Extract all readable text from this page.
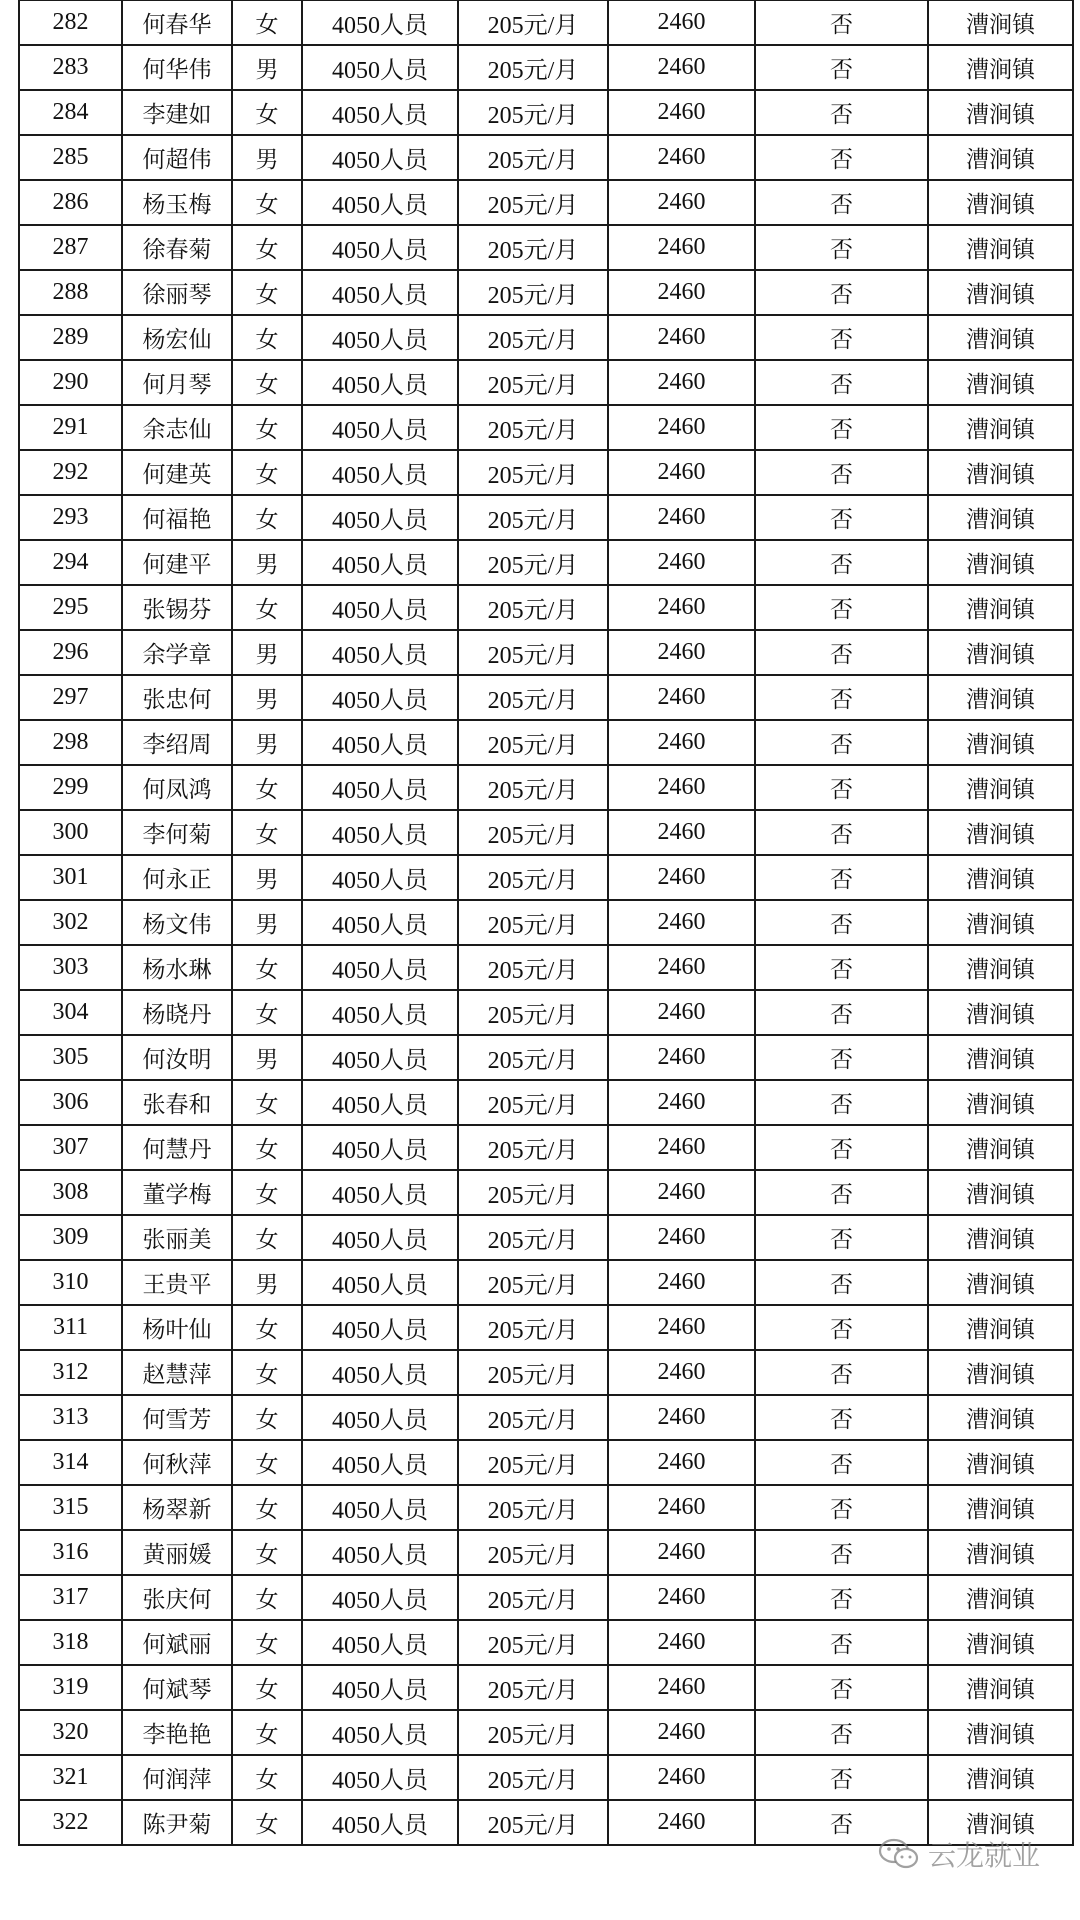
282	何春华	女	4050人员	205元/月	2460	否	漕涧镇
283	何华伟	男	4050人员	205元/月	2460	否	漕涧镇
284	李建如	女	4050人员	205元/月	2460	否	漕涧镇
285	何超伟	男	4050人员	205元/月	2460	否	漕涧镇
286	杨玉梅	女	4050人员	205元/月	2460	否	漕涧镇
287	徐春菊	女	4050人员	205元/月	2460	否	漕涧镇
288	徐丽琴	女	4050人员	205元/月	2460	否	漕涧镇
289	杨宏仙	女	4050人员	205元/月	2460	否	漕涧镇
290	何月琴	女	4050人员	205元/月	2460	否	漕涧镇
291	余志仙	女	4050人员	205元/月	2460	否	漕涧镇
292	何建英	女	4050人员	205元/月	2460	否	漕涧镇
293	何福艳	女	4050人员	205元/月	2460	否	漕涧镇
294	何建平	男	4050人员	205元/月	2460	否	漕涧镇
295	张锡芬	女	4050人员	205元/月	2460	否	漕涧镇
296	余学章	男	4050人员	205元/月	2460	否	漕涧镇
297	张忠何	男	4050人员	205元/月	2460	否	漕涧镇
298	李绍周	男	4050人员	205元/月	2460	否	漕涧镇
299	何凤鸿	女	4050人员	205元/月	2460	否	漕涧镇
300	李何菊	女	4050人员	205元/月	2460	否	漕涧镇
301	何永正	男	4050人员	205元/月	2460	否	漕涧镇
302	杨文伟	男	4050人员	205元/月	2460	否	漕涧镇
303	杨水琳	女	4050人员	205元/月	2460	否	漕涧镇
304	杨晓丹	女	4050人员	205元/月	2460	否	漕涧镇
305	何汝明	男	4050人员	205元/月	2460	否	漕涧镇
306	张春和	女	4050人员	205元/月	2460	否	漕涧镇
307	何慧丹	女	4050人员	205元/月	2460	否	漕涧镇
308	董学梅	女	4050人员	205元/月	2460	否	漕涧镇
309	张丽美	女	4050人员	205元/月	2460	否	漕涧镇
310	王贵平	男	4050人员	205元/月	2460	否	漕涧镇
311	杨叶仙	女	4050人员	205元/月	2460	否	漕涧镇
312	赵慧萍	女	4050人员	205元/月	2460	否	漕涧镇
313	何雪芳	女	4050人员	205元/月	2460	否	漕涧镇
314	何秋萍	女	4050人员	205元/月	2460	否	漕涧镇
315	杨翠新	女	4050人员	205元/月	2460	否	漕涧镇
316	黄丽媛	女	4050人员	205元/月	2460	否	漕涧镇
317	张庆何	女	4050人员	205元/月	2460	否	漕涧镇
318	何斌丽	女	4050人员	205元/月	2460	否	漕涧镇
319	何斌琴	女	4050人员	205元/月	2460	否	漕涧镇
320	李艳艳	女	4050人员	205元/月	2460	否	漕涧镇
321	何润萍	女	4050人员	205元/月	2460	否	漕涧镇
322	陈尹菊	女	4050人员	205元/月	2460	否	漕涧镇
云龙就业
